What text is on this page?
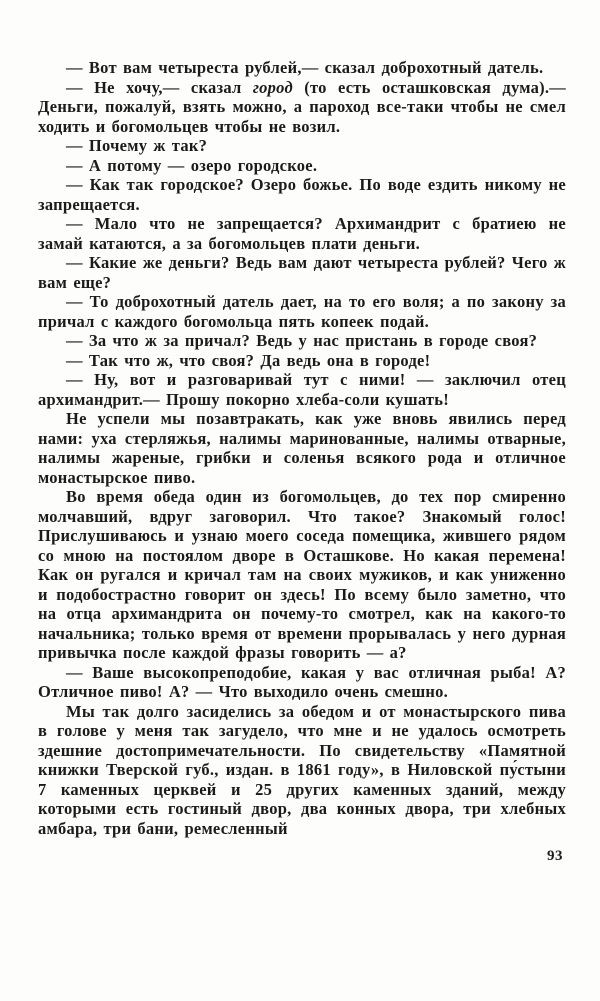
— Вот вам четыреста рублей,— сказал доброхотный датель.

— Не хочу,— сказал город (то есть осташковская дума).— Деньги, пожалуй, взять можно, а пароход все-таки чтобы не смел ходить и богомольцев чтобы не возил.

— Почему ж так?

— А потому — озеро городское.

— Как так городское? Озеро божье. По воде ездить никому не запрещается.

— Мало что не запрещается? Архимандрит с братиею не замай катаются, а за богомольцев плати деньги.

— Какие же деньги? Ведь вам дают четыреста рублей? Чего ж вам еще?

— То доброхотный датель дает, на то его воля; а по закону за причал с каждого богомольца пять копеек подай.

— За что ж за причал? Ведь у нас пристань в городе своя?

— Так что ж, что своя? Да ведь она в городе!

— Ну, вот и разговаривай тут с ними! — заключил отец архимандрит.— Прошу покорно хлеба-соли кушать!

Не успели мы позавтракать, как уже вновь явились перед нами: уха стерляжья, налимы маринованные, налимы отварные, налимы жареные, грибки и соленья всякого рода и отличное монастырское пиво.

Во время обеда один из богомольцев, до тех пор смиренно молчавший, вдруг заговорил. Что такое? Знакомый голос! Прислушиваюсь и узнаю моего соседа помещика, жившего рядом со мною на постоялом дворе в Осташкове. Но какая перемена! Как он ругался и кричал там на своих мужиков, и как униженно и подобострастно говорит он здесь! По всему было заметно, что на отца архимандрита он почему-то смотрел, как на какого-то начальника; только время от времени прорывалась у него дурная привычка после каждой фразы говорить — а?

— Ваше высокопреподобие, какая у вас отличная рыба! А? Отличное пиво! А? — Что выходило очень смешно.

Мы так долго засиделись за обедом и от монастырского пива в голове у меня так загудело, что мне и не удалось осмотреть здешние достопримечательности. По свидетельству «Памятной книжки Тверской губ., издан. в 1861 году», в Ниловской пу́стыни 7 каменных церквей и 25 других каменных зданий, между которыми есть гостиный двор, два конных двора, три хлебных амбара, три бани, ремесленный

93
